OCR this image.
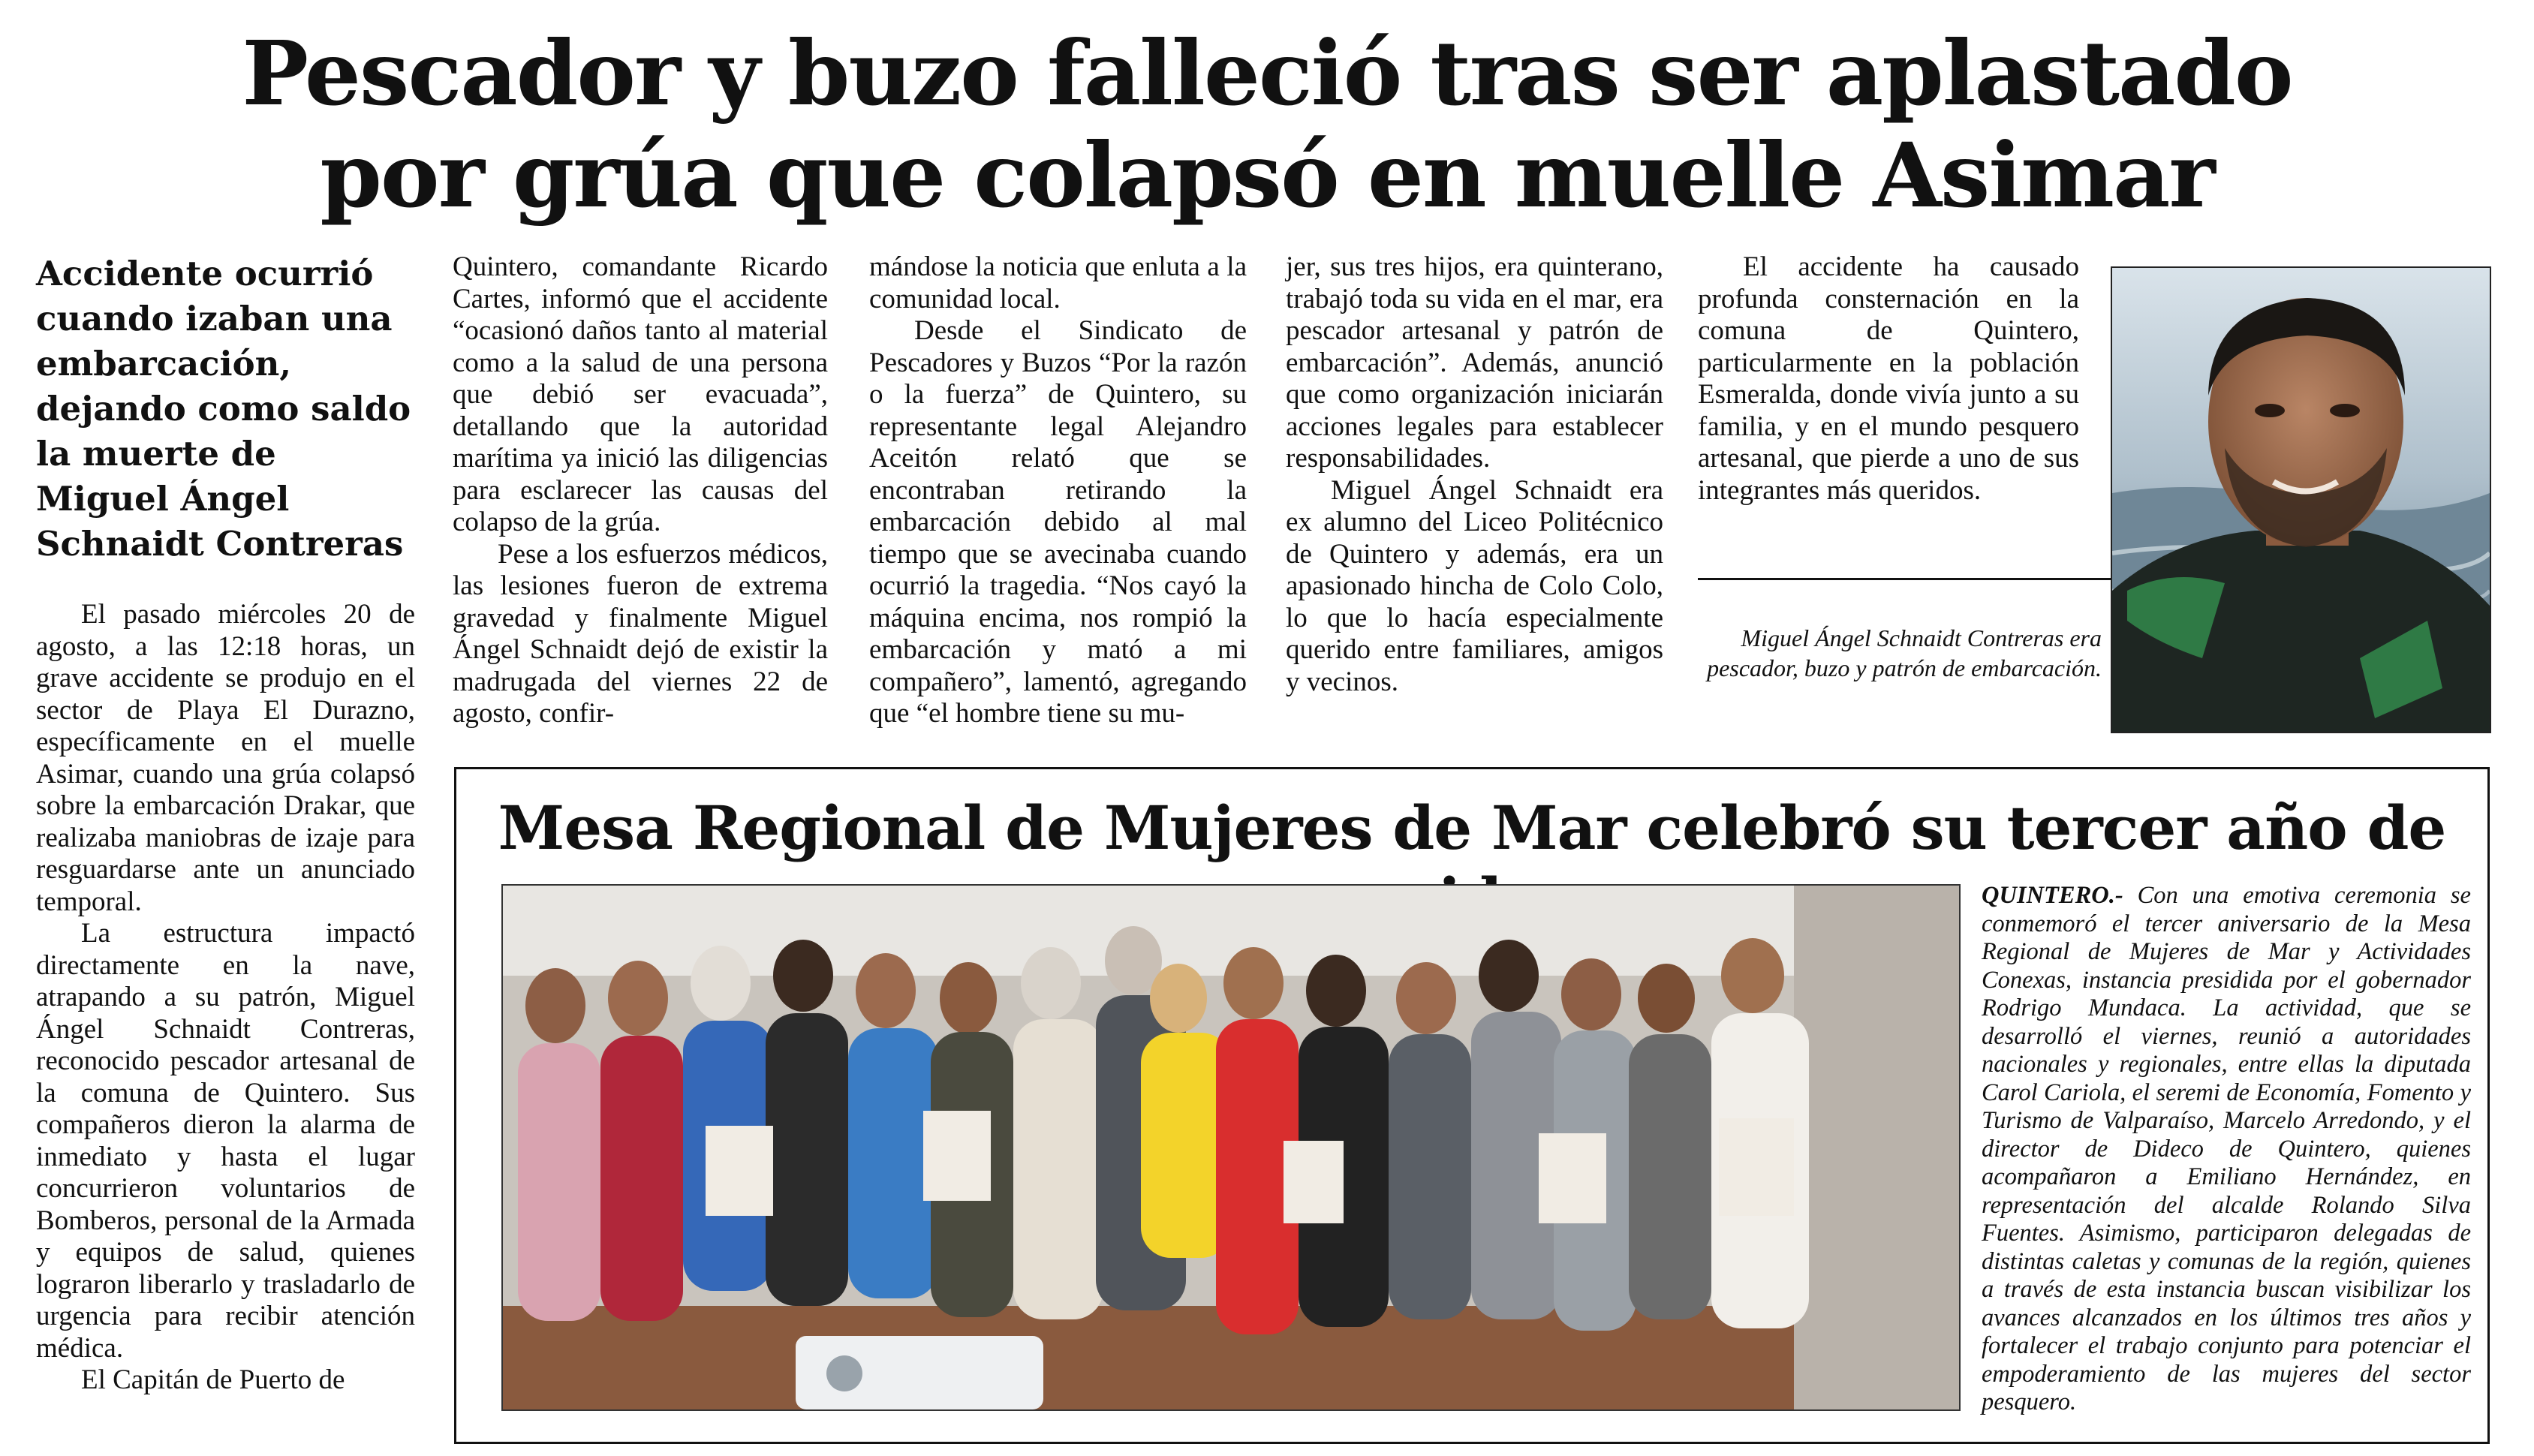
Pescador y buzo falleció tras ser aplastado
por grúa que colapsó en muelle Asimar
Accidente ocurrió cuando izaban una embarcación, dejando como saldo la muerte de Miguel Ángel Schnaidt Contreras

El pasado miércoles 20 de agosto, a las 12:18 horas, un grave accidente se produjo en el sector de Playa El Durazno, específicamente en el muelle Asimar, cuando una grúa colapsó sobre la embarcación Drakar, que realizaba maniobras de izaje para resguardarse ante un anunciado temporal.

La estructura impactó directamente en la nave, atrapando a su patrón, Miguel Ángel Schnaidt Contreras, reconocido pescador artesanal de la comuna de Quintero. Sus compañeros dieron la alarma de inmediato y hasta el lugar concurrieron voluntarios de Bomberos, personal de la Armada y equipos de salud, quienes lograron liberarlo y trasladarlo de urgencia para recibir atención médica.

El Capitán de Puerto de

Quintero, comandante Ricardo Cartes, informó que el accidente “ocasionó daños tanto al material como a la salud de una persona que debió ser evacuada”, detallando que la autoridad marítima ya inició las diligencias para esclarecer las causas del colapso de la grúa.

Pese a los esfuerzos médicos, las lesiones fueron de extrema gravedad y finalmente Miguel Ángel Schnaidt dejó de existir la madrugada del viernes 22 de agosto, confir-

mándose la noticia que enluta a la comunidad local.

Desde el Sindicato de Pescadores y Buzos “Por la razón o la fuerza” de Quintero, su representante legal Alejandro Aceitón relató que se encontraban retirando la embarcación debido al mal tiempo que se avecinaba cuando ocurrió la tragedia. “Nos cayó la máquina encima, nos rompió la embarcación y mató a mi compañero”, lamentó, agregando que “el hombre tiene su mu-

jer, sus tres hijos, era quinterano, trabajó toda su vida en el mar, era pescador artesanal y patrón de embarcación”. Además, anunció que como organización iniciarán acciones legales para establecer responsabilidades.

Miguel Ángel Schnaidt era ex alumno del Liceo Politécnico de Quintero y además, era un apasionado hincha de Colo Colo, lo que lo hacía especialmente querido entre familiares, amigos y vecinos.

El accidente ha causado profunda consternación en la comuna de Quintero, particularmente en la población Esmeralda, donde vivía junto a su familia, y en el mundo pesquero artesanal, que pierde a uno de sus integrantes más queridos.

Miguel Ángel Schnaidt Contreras era pescador, buzo y patrón de embarcación.

Mesa Regional de Mujeres de Mar celebró su tercer año de

QUINTERO.- Con una emotiva ceremonia se conmemoró el tercer aniversario de la Mesa Regional de Mujeres de Mar y Actividades Conexas, instancia presidida por el gobernador Rodrigo Mundaca. La actividad, que se desarrolló el viernes, reunió a autoridades nacionales y regionales, entre ellas la diputada Carol Cariola, el seremi de Economía, Fomento y Turismo de Valparaíso, Marcelo Arredondo, y el director de Dideco de Quintero, quienes acompañaron a Emiliano Hernández, en representación del alcalde Rolando Silva Fuentes. Asimismo, participaron delegadas de distintas caletas y comunas de la región, quienes a través de esta instancia buscan visibilizar los avances alcanzados en los últimos tres años y fortalecer el trabajo conjunto para potenciar el empoderamiento de las mujeres del sector pesquero.
